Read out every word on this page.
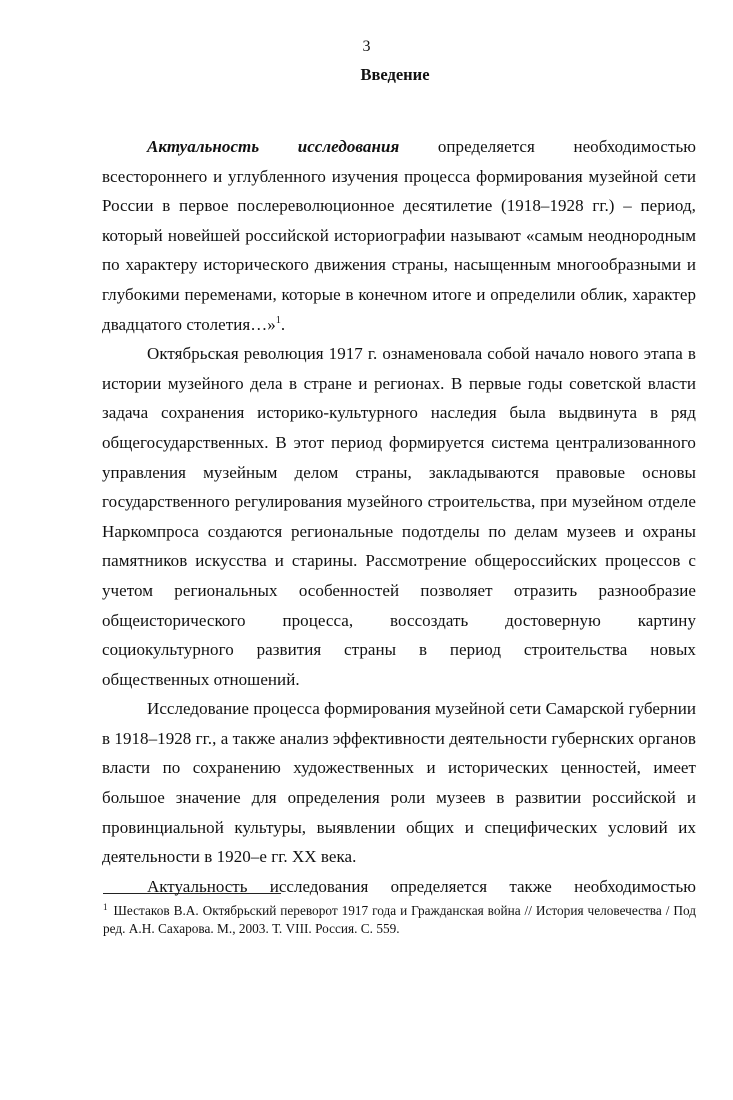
3
Введение

Актуальность исследования определяется необходимостью всестороннего и углубленного изучения процесса формирования музейной сети России в первое послереволюционное десятилетие (1918–1928 гг.) – период, который новейшей российской историографии называют «самым неоднородным по характеру исторического движения страны, насыщенным многообразными и глубокими переменами, которые в конечном итоге и определили облик, характер двадцатого столетия…»$^1$.

Октябрьская революция 1917 г. ознаменовала собой начало нового этапа в истории музейного дела в стране и регионах. В первые годы советской власти задача сохранения историко-культурного наследия была выдвинута в ряд общегосударственных. В этот период формируется система централизованного управления музейным делом страны, закладываются правовые основы государственного регулирования музейного строительства, при музейном отделе Наркомпроса создаются региональные подотделы по делам музеев и охраны памятников искусства и старины. Рассмотрение общероссийских процессов с учетом региональных особенностей позволяет отразить разнообразие общеисторического процесса, воссоздать достоверную картину социокультурного развития страны в период строительства новых общественных отношений.

Исследование процесса формирования музейной сети Самарской губернии в 1918–1928 гг., а также анализ эффективности деятельности губернских органов власти по сохранению художественных и исторических ценностей, имеет большое значение для определения роли музеев в развитии российской и провинциальной культуры, выявлении общих и специфических условий их деятельности в 1920–е гг. XX века.

Актуальность исследования определяется также необходимостью

$^1$ Шестаков В.А. Октябрьский переворот 1917 года и Гражданская война // История человечества / Под ред. А.Н. Сахарова. М., 2003. Т. VIII. Россия. С. 559.
